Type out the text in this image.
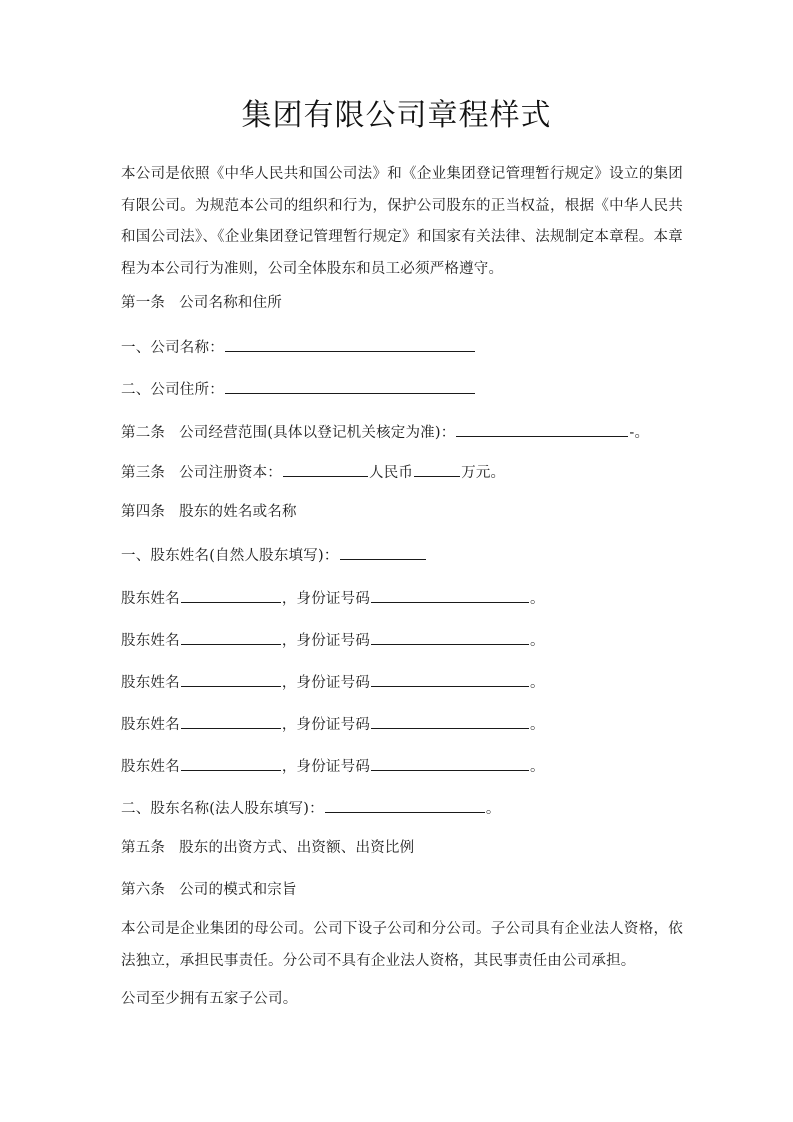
集团有限公司章程样式
本公司是依照《中华人民共和国公司法》和《企业集团登记管理暂行规定》设立的集团有限公司。为规范本公司的组织和行为，保护公司股东的正当权益，根据《中华人民共和国公司法》、《企业集团登记管理暂行规定》和国家有关法律、法规制定本章程。本章程为本公司行为准则，公司全体股东和员工必须严格遵守。
第一条 公司名称和住所
一、公司名称：
二、公司住所：
第二条 公司经营范围(具体以登记机关核定为准)：	-。
第三条 公司注册资本：	人民币	万元。
第四条 股东的姓名或名称
一、股东姓名(自然人股东填写)：
股东姓名	，身份证号码	。
股东姓名	，身份证号码	。
股东姓名	，身份证号码	。
股东姓名	，身份证号码	。
股东姓名	，身份证号码	。
二、股东名称(法人股东填写)：	。
第五条 股东的出资方式、出资额、出资比例
第六条 公司的模式和宗旨
本公司是企业集团的母公司。公司下设子公司和分公司。子公司具有企业法人资格，依法独立，承担民事责任。分公司不具有企业法人资格，其民事责任由公司承担。
公司至少拥有五家子公司。
